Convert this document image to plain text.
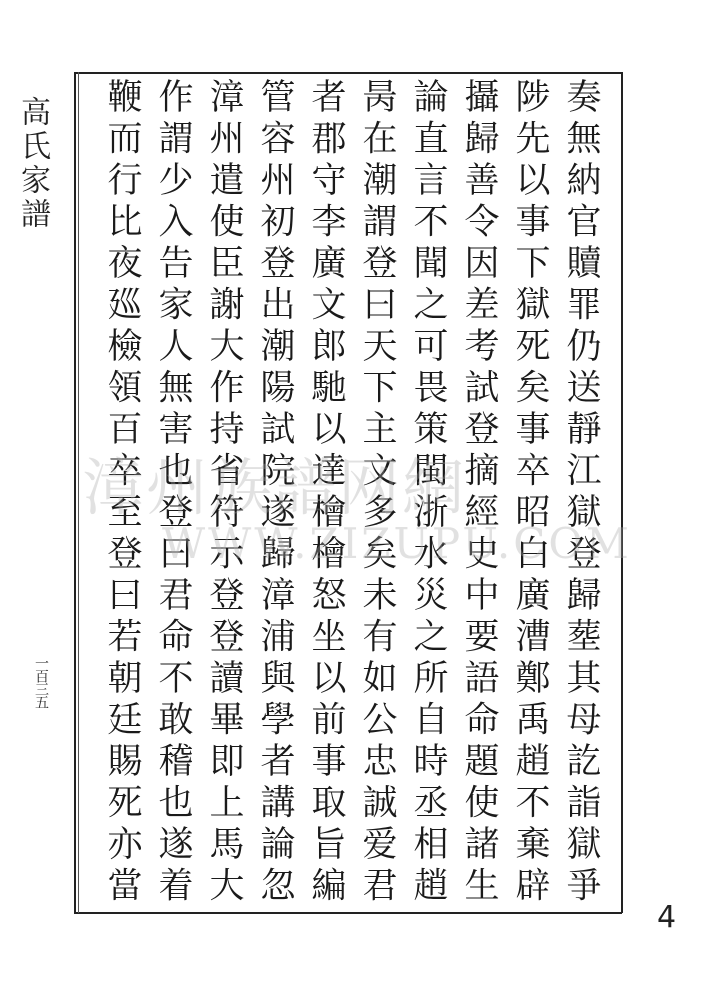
高氏家譜
一百三五	奏無納官贖罪仍送靜江獄登歸塟其母訖詣獄爭
陟先以事下獄死矣事卒昭白廣漕鄭禹趙不棄辟
攝歸善令因差考試登摘經史中要語命題使諸生
論直言不聞之可畏策閩浙水災之所自時丞相趙
昺在潮謂登曰天下主文多矣未有如公忠誠爱君
者郡守李廣文郎馳以達檜檜怒坐以前事取旨編
管容州初登出潮陽試院遂歸漳浦與學者講論忽
漳州遣使臣謝大作持省符示登登讀畢即上馬大
作謂少入告家人無害也登曰君命不敢稽也遂着
鞭而行比夜廵檢領百卒至登曰若朝廷賜死亦當
漳州族譜网網
WWW.ZIZUPU.COM
4
